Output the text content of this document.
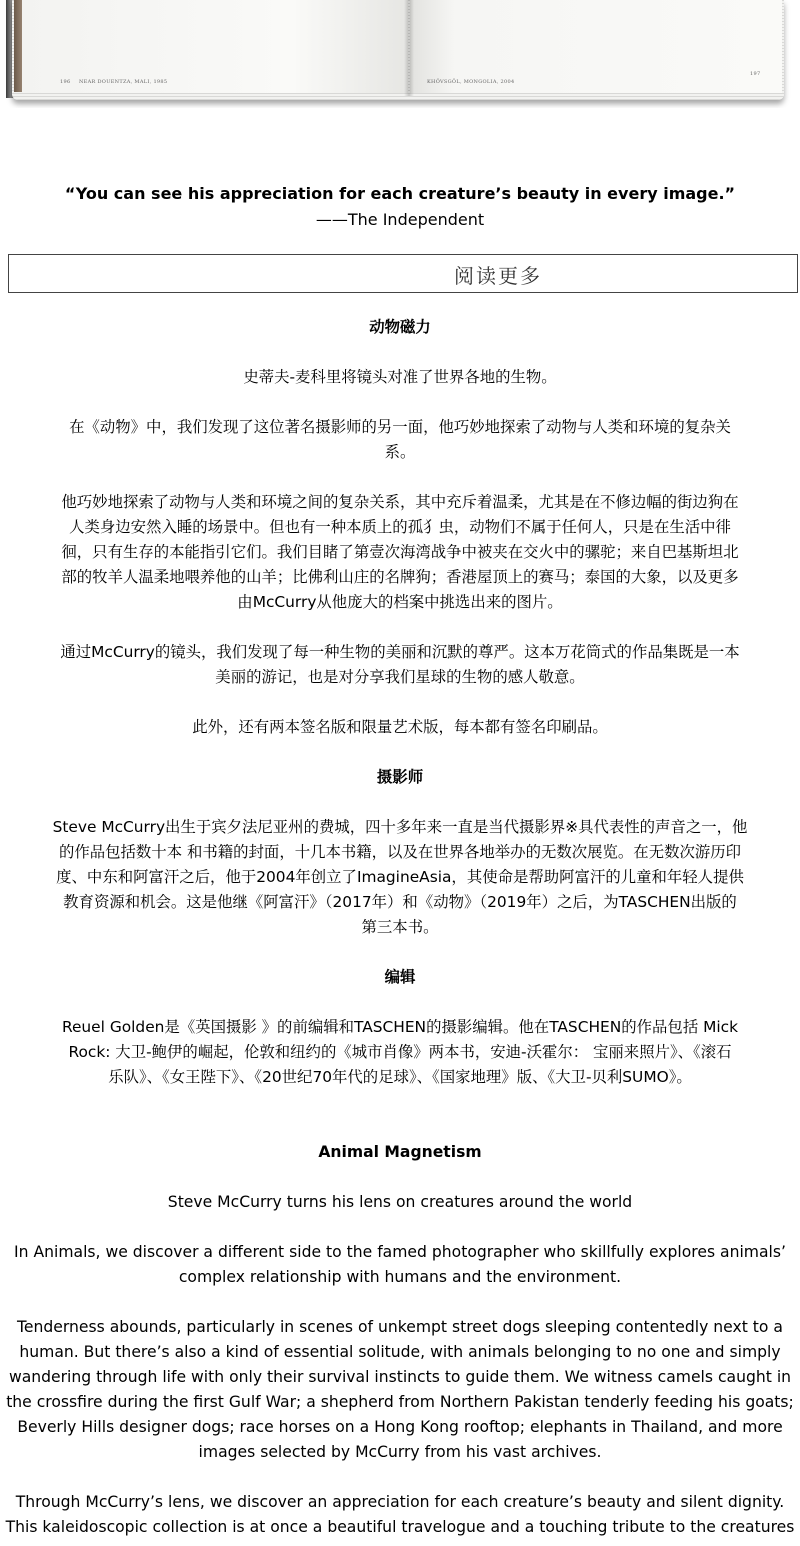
196 NEAR DOUENTZA, MALI, 1985	KHÖVSGÖL, MONGOLIA, 2004
197
“You can see his appreciation for each creature’s beauty in every image.”
——The Independent
阅读更多

动物磁力

史蒂夫-麦科里将镜头对准了世界各地的生物。

在《动物》中，我们发现了这位著名摄影师的另一面，他巧妙地探索了动物与人类和环境的复杂关

系。

他巧妙地探索了动物与人类和环境之间的复杂关系，其中充斥着温柔，尤其是在不修边幅的街边狗在

人类身边安然入睡的场景中。但也有一种本质上的孤犭虫，动物们不属于任何人，只是在生活中徘

徊，只有生存的本能指引它们。我们目睹了第壹次海湾战争中被夹在交火中的骡驼；来自巴基斯坦北

部的牧羊人温柔地喂养他的山羊；比佛利山庄的名牌狗；香港屋顶上的赛马；泰国的大象，以及更多

由McCurry从他庞大的档案中挑选出来的图片。

通过McCurry的镜头，我们发现了每一种生物的美丽和沉默的尊严。这本万花筒式的作品集既是一本

美丽的游记，也是对分享我们星球的生物的感人敬意。

此外，还有两本签名版和限量艺术版，每本都有签名印刷品。

摄影师

Steve McCurry出生于宾夕法尼亚州的费城，四十多年来一直是当代摄影界※具代表性的声音之一，他

的作品包括数十本 和书籍的封面，十几本书籍，以及在世界各地举办的无数次展览。在无数次游历印

度、中东和阿富汗之后，他于2004年创立了ImagineAsia，其使命是帮助阿富汗的儿童和年轻人提供

教育资源和机会。这是他继《阿富汗》（2017年）和《动物》（2019年）之后，为TASCHEN出版的

第三本书。

编辑

Reuel Golden是《英国摄影 》的前编辑和TASCHEN的摄影编辑。他在TASCHEN的作品包括 Mick

Rock: 大卫-鲍伊的崛起，伦敦和纽约的《城市肖像》两本书，安迪-沃霍尔： 宝丽来照片》、《滚石

乐队》、《女王陛下》、《20世纪70年代的足球》、《国家地理》版、《大卫-贝利SUMO》。

Animal Magnetism

Steve McCurry turns his lens on creatures around the world

In Animals, we discover a different side to the famed photographer who skillfully explores animals’

complex relationship with humans and the environment.

Tenderness abounds, particularly in scenes of unkempt street dogs sleeping contentedly next to a

human. But there’s also a kind of essential solitude, with animals belonging to no one and simply

wandering through life with only their survival instincts to guide them. We witness camels caught in

the crossfire during the first Gulf War; a shepherd from Northern Pakistan tenderly feeding his goats;

Beverly Hills designer dogs; race horses on a Hong Kong rooftop; elephants in Thailand, and more

images selected by McCurry from his vast archives.

Through McCurry’s lens, we discover an appreciation for each creature’s beauty and silent dignity.

This kaleidoscopic collection is at once a beautiful travelogue and a touching tribute to the creatures
